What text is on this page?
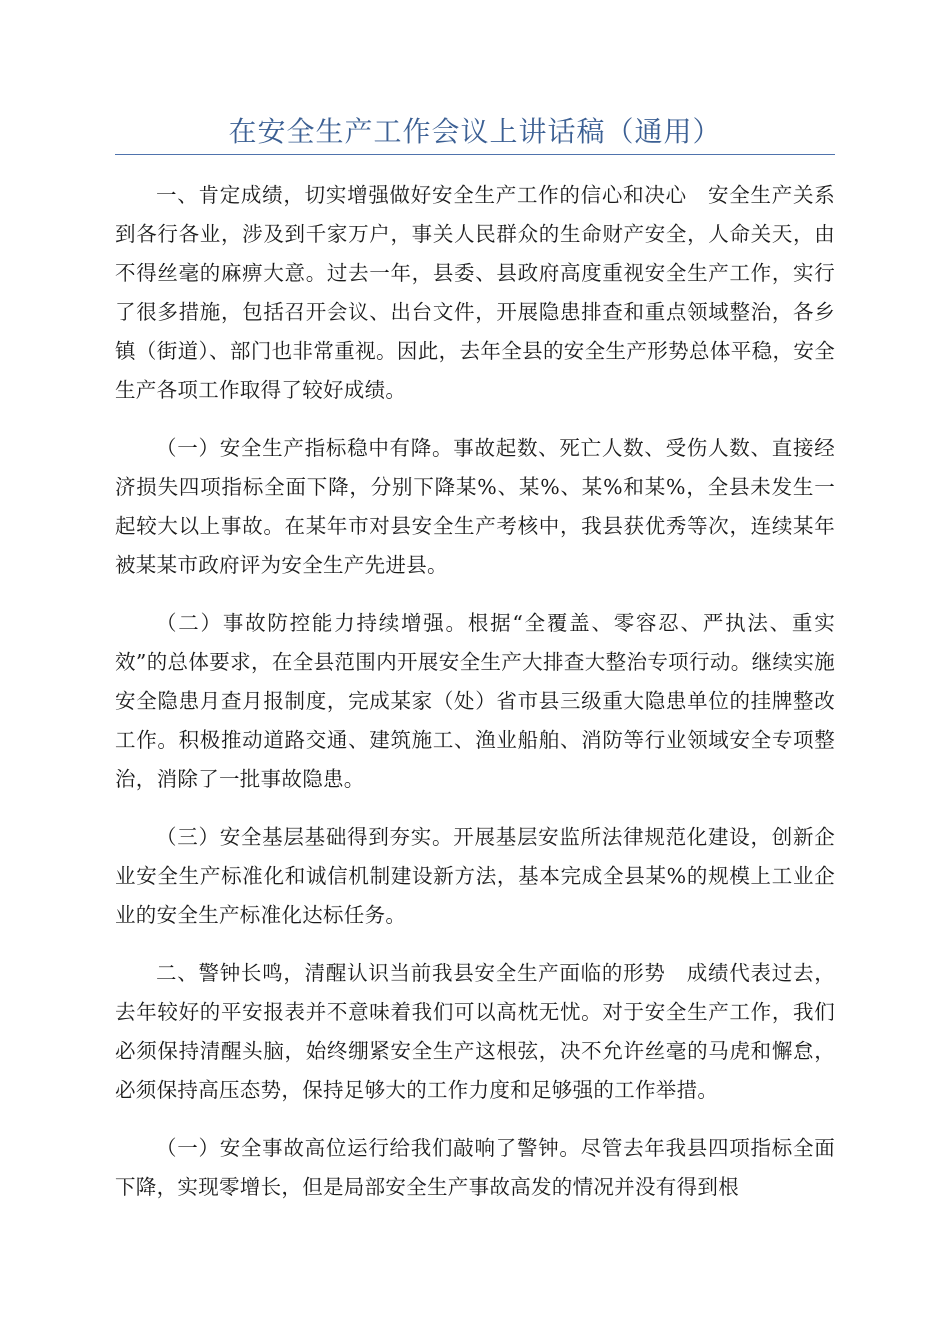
在安全生产工作会议上讲话稿（通用）

一、肯定成绩，切实增强做好安全生产工作的信心和决心　安全生产关系到各行各业，涉及到千家万户，事关人民群众的生命财产安全，人命关天，由不得丝毫的麻痹大意。过去一年，县委、县政府高度重视安全生产工作，实行了很多措施，包括召开会议、出台文件，开展隐患排查和重点领域整治，各乡镇（街道）、部门也非常重视。因此，去年全县的安全生产形势总体平稳，安全生产各项工作取得了较好成绩。

（一）安全生产指标稳中有降。事故起数、死亡人数、受伤人数、直接经济损失四项指标全面下降，分别下降某%、某%、某%和某%，全县未发生一起较大以上事故。在某年市对县安全生产考核中，我县获优秀等次，连续某年被某某市政府评为安全生产先进县。

（二）事故防控能力持续增强。根据“全覆盖、零容忍、严执法、重实效”的总体要求，在全县范围内开展安全生产大排查大整治专项行动。继续实施安全隐患月查月报制度，完成某家（处）省市县三级重大隐患单位的挂牌整改工作。积极推动道路交通、建筑施工、渔业船舶、消防等行业领域安全专项整治，消除了一批事故隐患。

（三）安全基层基础得到夯实。开展基层安监所法律规范化建设，创新企业安全生产标准化和诚信机制建设新方法，基本完成全县某%的规模上工业企业的安全生产标准化达标任务。

二、警钟长鸣，清醒认识当前我县安全生产面临的形势　成绩代表过去，去年较好的平安报表并不意味着我们可以高枕无忧。对于安全生产工作，我们必须保持清醒头脑，始终绷紧安全生产这根弦，决不允许丝毫的马虎和懈怠，必须保持高压态势，保持足够大的工作力度和足够强的工作举措。

（一）安全事故高位运行给我们敲响了警钟。尽管去年我县四项指标全面下降，实现零增长，但是局部安全生产事故高发的情况并没有得到根
